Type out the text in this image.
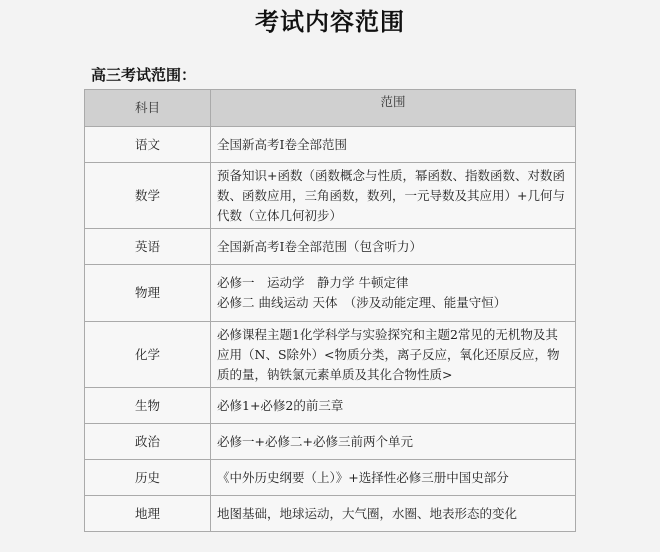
考试内容范围
高三考试范围：
科目	范围
语文	全国新高考Ⅰ卷全部范围
数学	预备知识+函数（函数概念与性质，幂函数、指数函数、对数函数、函数应用，三角函数，数列，一元导数及其应用）+几何与代数（立体几何初步）
英语	全国新高考Ⅰ卷全部范围（包含听力）
物理	必修一　运动学　静力学 牛顿定律
必修二 曲线运动 天体　（涉及动能定理、能量守恒）

化学	必修课程主题1化学科学与实验探究和主题2常见的无机物及其应用（N、S除外）<物质分类，离子反应，氧化还原反应，物质的量，钠铁氯元素单质及其化合物性质>
生物	必修1+必修2的前三章
政治	必修一+必修二+必修三前两个单元
历史	《中外历史纲要（上）》+选择性必修三册中国史部分
地理	地图基础，地球运动，大气圈，水圈、地表形态的变化
